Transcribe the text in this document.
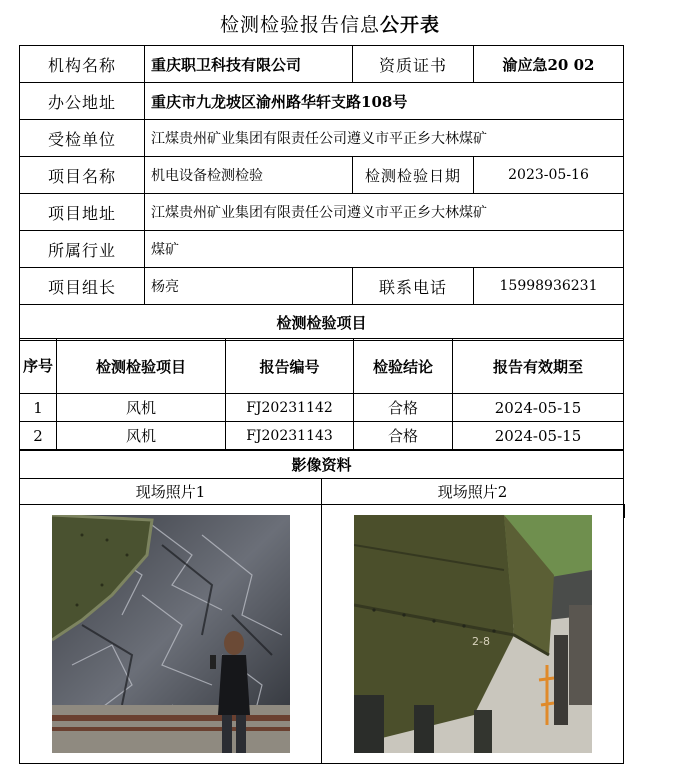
检测检验报告信息公开表
机构名称	重庆职卫科技有限公司	资质证书	渝应急20 02
办公地址	重庆市九龙坡区渝州路华轩支路108号		
受检单位	江煤贵州矿业集团有限责任公司遵义市平正乡大林煤矿		
项目名称	机电设备检测检验	检测检验日期	2023-05-16
项目地址	江煤贵州矿业集团有限责任公司遵义市平正乡大林煤矿		
所属行业	煤矿		
项目组长	杨亮	联系电话	15998936231
检测检验项目			
序号	检测检验项目	报告编号	检验结论	报告有效期至
1	风机	FJ20231142	合格	2024-05-15
2	风机	FJ20231143	合格	2024-05-15
影像资料	
现场照片1	现场照片2

2-8
